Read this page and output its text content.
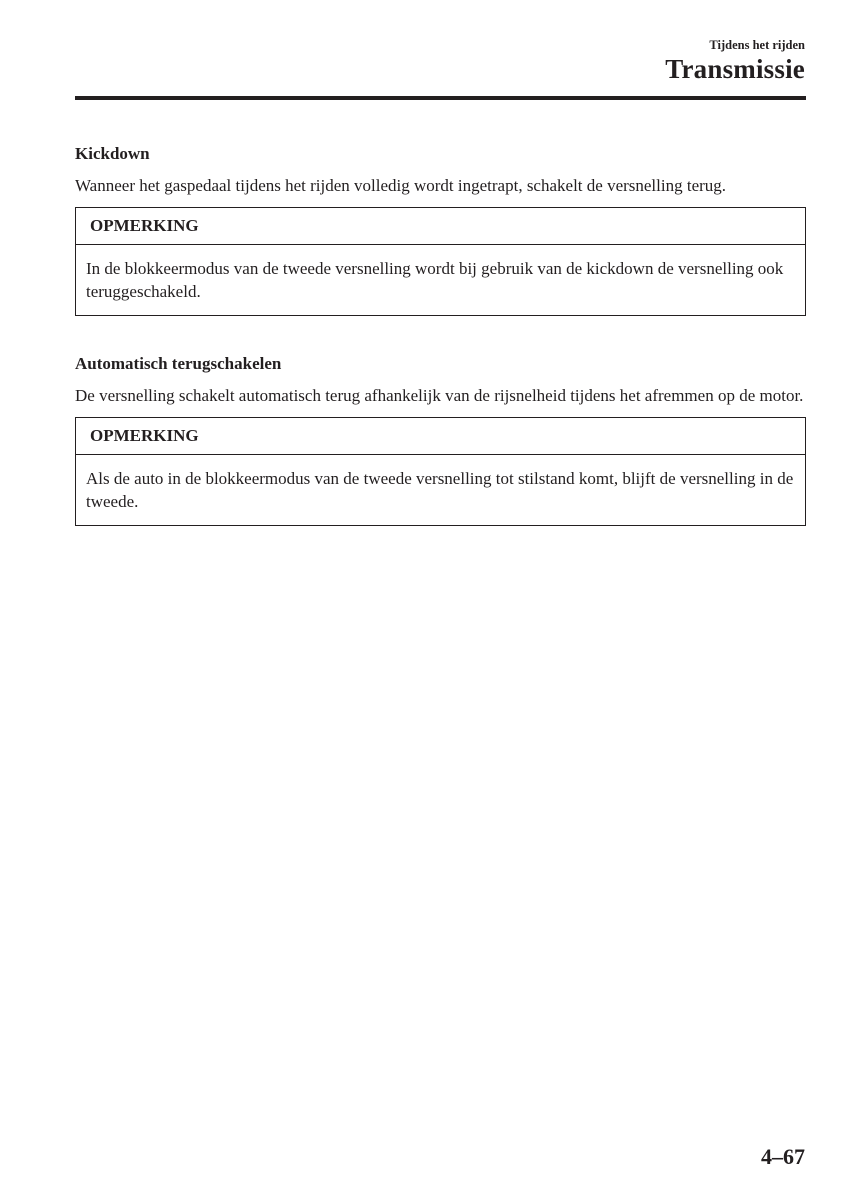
Tijdens het rijden
Transmissie
Kickdown

Wanneer het gaspedaal tijdens het rijden volledig wordt ingetrapt, schakelt de versnelling terug.

OPMERKING
In de blokkeermodus van de tweede versnelling wordt bij gebruik van de kickdown de versnelling ook teruggeschakeld.
Automatisch terugschakelen

De versnelling schakelt automatisch terug afhankelijk van de rijsnelheid tijdens het afremmen op de motor.

OPMERKING
Als de auto in de blokkeermodus van de tweede versnelling tot stilstand komt, blijft de versnelling in de tweede.
4–67
